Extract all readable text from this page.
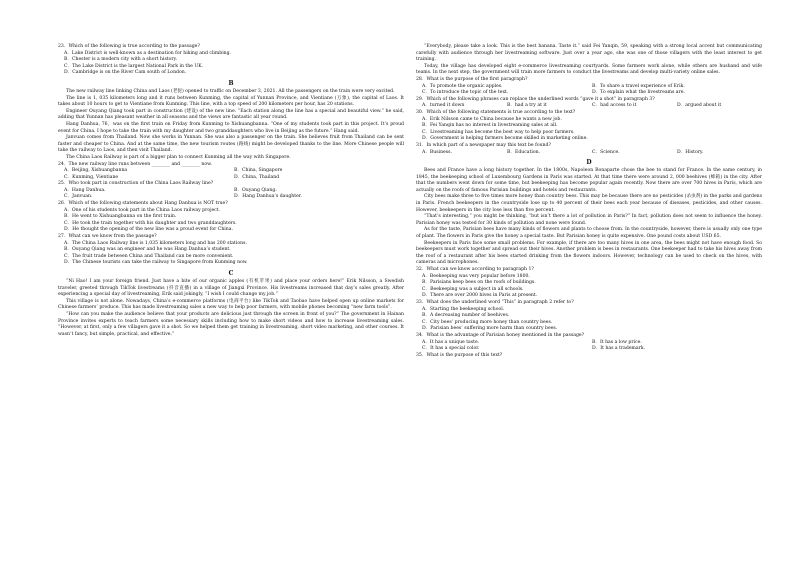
23．Which of the following is true according to the passage?

A．Lake District is well-known as a destination for hiking and climbing.

B．Chester is a modern city with a short history.

C．The Lake District is the largest National Park in the UK.

D．Cambridge is on the River Cam south of London.

B

The new railway line linking China and Laos (老挝) opened to traffic on December 3, 2021. All the passengers on the train were very excited.

The line is 1, 035 kilometers long and it runs between Kunming, the capital of Yunnan Province, and Vientiane (万象), the capital of Laos. It takes about 10 hours to get to Vientiane from Kunming. This line, with a top speed of 200 kilometers per hour, has 20 stations.

Engineer Ouyang Qiang took part in construction (建设) of the new line. “Each station along the line has a special and beautiful view.” he said, adding that Yunnan has pleasant weather in all seasons and the views are fantastic all year round.

Hang Danhua, 76，was on the first train on Friday from Kunming to Xishuangbanna. “One of my students took part in this project. It’s proud event for China. I hope to take the train with my daughter and two granddaughters who live in Beijing as the future.” Hang said.

Janvuan comes from Thailand. Now she works in Yunnan. She was also a passenger on the train. She believes fruit from Thailand can be sent faster and cheaper to China. And at the same time, the new tourism routes (路线) might be developed thanks to the line. More Chinese people will take the railway to Laos, and then visit Thailand.

The China Laos Railway is part of a bigger plan to connect Kunming all the way with Singapore.

24．The new railway line runs between ________ and ________ now.

A．Beijing, Xishuangbanna	B．China, Singapore
C．Kunming, Vientiane	D．China, Thailand

25．Who took part in construction of the China Laos Railway line?

A．Hang Danhua.	B．Ouyang Qiang.
C．Janvuan.	D．Hang Danhua’s daughter.

26．Which of the following statements about Hang Danhua is NOT true?

A．One of his students took part in the China Laos railway project.

B．He went to Xishuangbanna on the first train.

C．He took the train together with his daughter and two granddaughters.

D．He thought the opening of the new line was a proud event for China.

27．What can we know from the passage?

A．The China Laos Railway line is 1,035 kilometers long and has 200 stations.

B．Ouyang Qiang was an engineer and he was Hang Danhua’s student.

C．The fruit trade between China and Thailand can be more convenient.

D．The Chinese tourists can take the railway to Singapore from Kunming now.

C

“Ni Hao! I am your foreign friend. Just have a bite of our organic apples (有机苹果) and place your orders here!” Erik Nilsson, a Swedish traveler, greeted through TikTok livestreams (抖音直播) in a village of Jiangxi Province. His livestreams increased that day’s sales greatly. After experiencing a special day of livestreaming, Erik said jokingly, “I wish I could change my job.”

This village is not alone. Nowadays, China’s e-commerce platforms (电商平台) like TikTok and Taobao have helped open up online markets for Chinese farmers’ produce. This has made livestreaming sales a new way to help poor farmers, with mobile phones becoming “new farm tools”.

“How can you make the audience believe that your products are delicious just through the screen in front of you?” The government in Hainan Province invites experts to teach farmers some necessary skills including how to make short videos and how to increase livestreaming sales. “However, at first, only a few villagers gave it a shot. So we helped them get training in livestreaming, short video marketing, and other courses. It wasn’t fancy, but simple, practical, and effective.”

“Everybody, please take a look. This is the best banana. Taste it.” said Fei Yanqin, 59, speaking with a strong local accent but communicating carefully with audience through her livestreaming software. Just over a year ago, she was one of those villagers with the least interest to get training.

Today, the village has developed eight e-commerce livestreaming courtyards. Some farmers work alone, while others are husband and wife teams. In the next step, the government will train more farmers to conduct the livestreams and develop multi-variety online sales.

28．What is the purpose of the first paragraph?

A．To promote the organic apples.	B．To share a travel experience of Erik.
C．To introduce the topic of the text.	D．To explain what the livestreams are.

29．Which of the following phrases can replace the underlined words “gave it a shot” in paragraph 3?

A．turned it down	B．had a try at it	C．had access to it	D．argued about it

30．Which of the following statements is true according to the text?

A．Erik Nilsson came to China because he wants a new job.

B．Fei Yanqin has no interest in livestreaming sales at all.

C．Livestreaming has become the best way to help poor farmers.

D．Government is helping farmers become skilled in marketing online.

31．In which part of a newspaper may this text be found?

A．Business.	B．Education.	C．Science.	D．History.
D

Bees and France have a long history together. In the 1800s, Napoleon Bonaparte chose the bee to stand for France. In the same century, in 1845, the beekeeping school of Luxembourg Gardens in Paris was started. At that time there were around 2, 000 beehives (蜂箱) in the city. After that the numbers went down for some time, but beekeeping has become popular again recently. Now there are over 700 hives in Paris, which are actually on the roofs of famous Parisian buildings and hotels and restaurants.

City bees make three to five times more honey than country bees. This may be because there are no pesticides (杀虫剂) in the parks and gardens in Paris. French beekeepers in the countryside lose up to 40 percent of their bees each year because of diseases, pesticides, and other causes. However, beekeepers in the city lose less than five percent.

“That’s interesting,” you might be thinking, “but isn’t there a lot of pollution in Paris?” In fact, pollution does not seem to influence the honey. Parisian honey was tested for 30 kinds of pollution and none were found.

As for the taste, Parisian bees have many kinds of flowers and plants to choose from. In the countryside, however, there is usually only one type of plant. The flowers in Paris give the honey a special taste. But Parisian honey is quite expensive. One pound costs about USD 65.

Beekeepers in Paris face some small problems. For example, if there are too many hives in one area, the bees might not have enough food. So beekeepers must work together and spread out their hives. Another problem is bees in restaurants. One beekeeper had to take his hives away from the roof of a restaurant after his bees started drinking from the flowers indoors. However, technology can be used to check on the hives, with cameras and microphones.

32．What can we know according to paragraph 1?

A．Beekeeping was very popular before 1800.

B．Parisians keep bees on the roofs of buildings.

C．Beekeeping was a subject in all schools.

D．There are over 2000 hives in Paris at present.

33．What does the underlined word “This” in paragraph 2 refer to?

A．Starting the beekeeping school.

B．A decreasing number of beehives.

C．City bees’ producing more honey than country bees.

D．Parisian bees’ suffering more harm than country bees.

34．What is the advantage of Parisian honey mentioned in the passage?

A．It has a unique taste.	B．It has a low price.
C．It has a special color.	D．It has a trademark.

35．What is the purpose of this text?
